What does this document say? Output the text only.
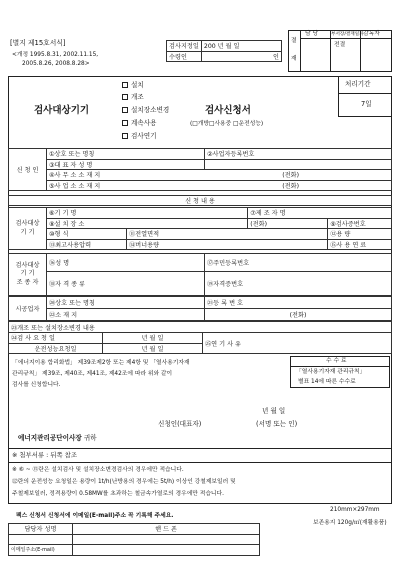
[별지 제15호서식]
<개정 1995.8.31, 2002.11.15,
2005.8.26, 2008.8.28>
검사지정일	200 년 월 일
수령인	인
결
재
담 당	부서장/결재일자 감독자
전결
설치
개조
검사대상기기	설치장소변경	검사신청서
계속사용	(□개방□사용중 □운전성능)
검사연기
처리기간
7일
신 청 인	①상호 또는 명칭	②사업자등록번호
	③대 표 자 성 명	
	④사 무 소 소 재 지 (전화)	

	⑤사 업 소 소 재 지 (전화)	
신 청 내 용
검사대상
기 기	⑥기 기 명		⑦제 조 자 명	
	⑧설 치 장 소		(전화)	⑨검사증번호
	⑩형 식	⑪전열면적		⑫용 량
	⑬최고사용압력	⑭버너용량		⑮사 용 연 료
검사대상
기 기
조 종 자	⑯성 명	⑰주민등록번호
	⑱자 격 종 류	⑲자격증번호
시공업자	⑳상호 또는 명칭	㉑등 록 번 호
	㉒소 재 지	(전화)
㉓개조 또는 설치장소변경 내용		
㉔검 사 요 청 일	년 월 일	㉕연 기 사 유
운전성능요청일	년 월 일	
「에너지이용 합리화법」 제39조제2항 또는 제4항 및 「열사용기자재
관리규칙」 제39조, 제40조, 제41조, 제42조에 따라 위와 같이
검사를 신청합니다.
수 수 료
「열사용기자재 관리규칙」
별표 14에 따른 수수료
년 월 일
신청인(대표자)	(서명 또는 인)
에너지관리공단이사장 귀하
※ 첨부서류 : 뒤쪽 참조
※ ⑥ ~ ⑮란은 설치검사 및 설치장소변경검사의 경우에만 적습니다.
⑫란의 운전성능 요청일은 용량이 1t/h(난방용의 경우에는 5t/h) 이상인 강철제보일러 및
주철제보일러, 정격용량이 0.58MW를 초과하는 철금속가열로의 경우에만 적습니다.
210mm×297mm
팩스 신청서 신청서에 이메일(E-mail)주소 꼭 기록해 주세요.
보존용지 120g/㎡(재활용품)
담당자 성명	핸 드 폰

이메일주소(E-mail)	
